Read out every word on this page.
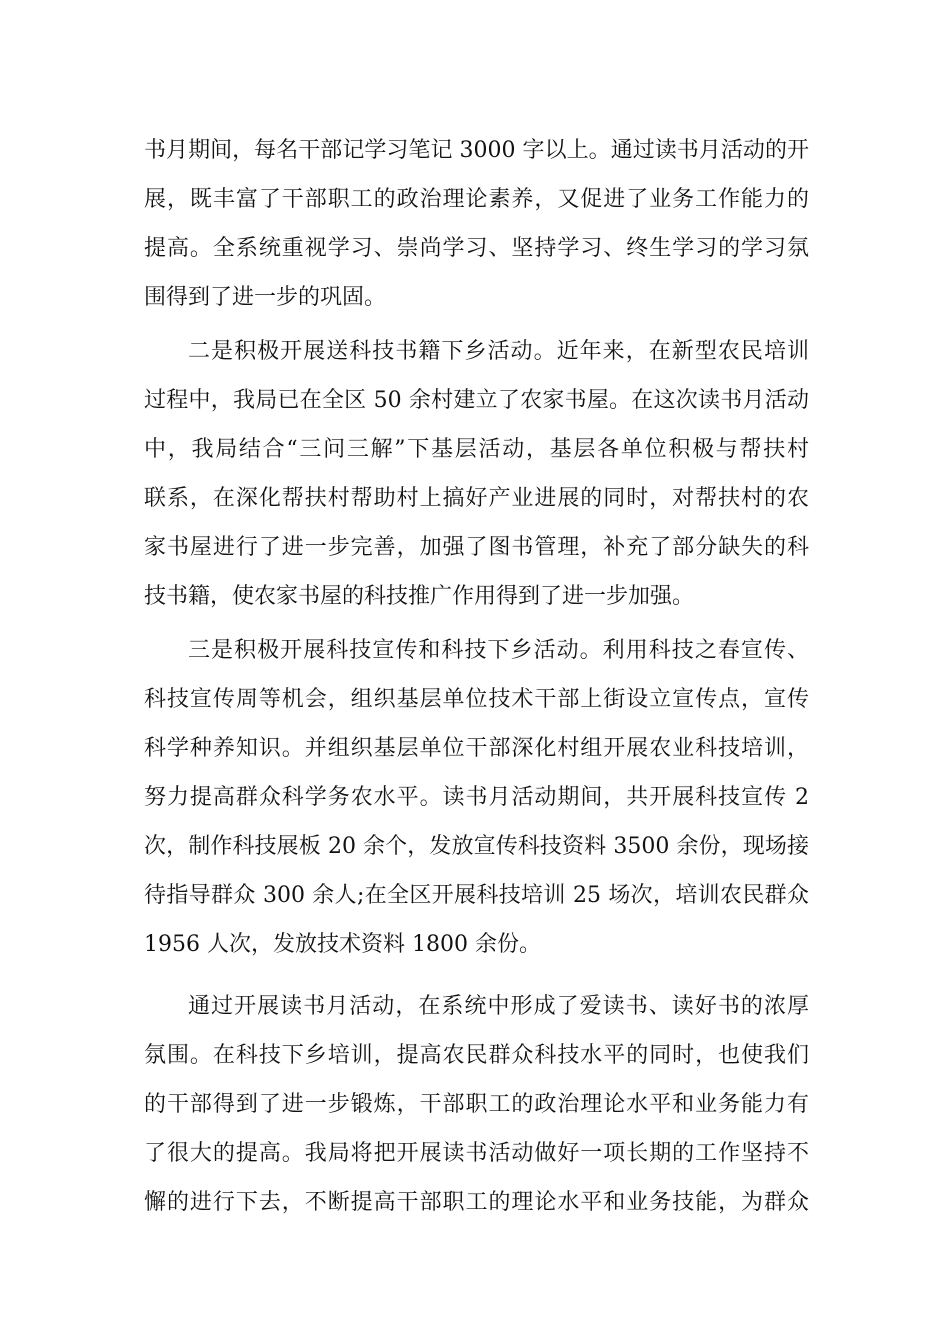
书月期间，每名干部记学习笔记 3000 字以上。通过读书月活动的开
展，既丰富了干部职工的政治理论素养，又促进了业务工作能力的
提高。全系统重视学习、崇尚学习、坚持学习、终生学习的学习氛
围得到了进一步的巩固。
二是积极开展送科技书籍下乡活动。近年来，在新型农民培训
过程中，我局已在全区 50 余村建立了农家书屋。在这次读书月活动
中，我局结合“三问三解”下基层活动，基层各单位积极与帮扶村
联系，在深化帮扶村帮助村上搞好产业进展的同时，对帮扶村的农
家书屋进行了进一步完善，加强了图书管理，补充了部分缺失的科
技书籍，使农家书屋的科技推广作用得到了进一步加强。
三是积极开展科技宣传和科技下乡活动。利用科技之春宣传、
科技宣传周等机会，组织基层单位技术干部上街设立宣传点，宣传
科学种养知识。并组织基层单位干部深化村组开展农业科技培训，
努力提高群众科学务农水平。读书月活动期间，共开展科技宣传 2
次，制作科技展板 20 余个，发放宣传科技资料 3500 余份，现场接
待指导群众 300 余人;在全区开展科技培训 25 场次，培训农民群众
1956 人次，发放技术资料 1800 余份。
通过开展读书月活动，在系统中形成了爱读书、读好书的浓厚
氛围。在科技下乡培训，提高农民群众科技水平的同时，也使我们
的干部得到了进一步锻炼，干部职工的政治理论水平和业务能力有
了很大的提高。我局将把开展读书活动做好一项长期的工作坚持不
懈的进行下去，不断提高干部职工的理论水平和业务技能，为群众
